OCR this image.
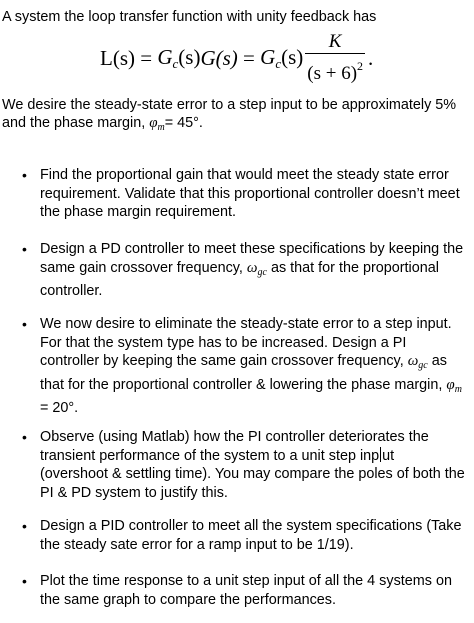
A system the loop transfer function with unity feedback has

L(s)
=
$G_c(s)$ G(s)
=
$G_c(s) \frac{K}{(s + 6)^2}$ .

We desire the steady-state error to a step input to be approximately 5% and the phase margin, $\varphi_m= 45^\circ$.

• Find the proportional gain that would meet the steady state error requirement. Validate that this proportional controller doesn’t meet the phase margin requirement.
• Design a PD controller to meet these specifications by keeping the same gain crossover frequency, $\omega_{gc}$ as that for the proportional controller.
• We now desire to eliminate the steady-state error to a step input. For that the system type has to be increased. Design a PI controller by keeping the same gain crossover frequency, $\omega_{gc}$ as that for the proportional controller & lowering the phase margin, $\varphi_m = 20^\circ$.
• Observe (using Matlab) how the PI controller deteriorates the transient performance of the system to a unit step inp ut (overshoot & settling time). You may compare the poles of both the PI & PD system to justify this.
• Design a PID controller to meet all the system specifications (Take the steady sate error for a ramp input to be 1/19).
• Plot the time response to a unit step input of all the 4 systems on the same graph to compare the performances.
